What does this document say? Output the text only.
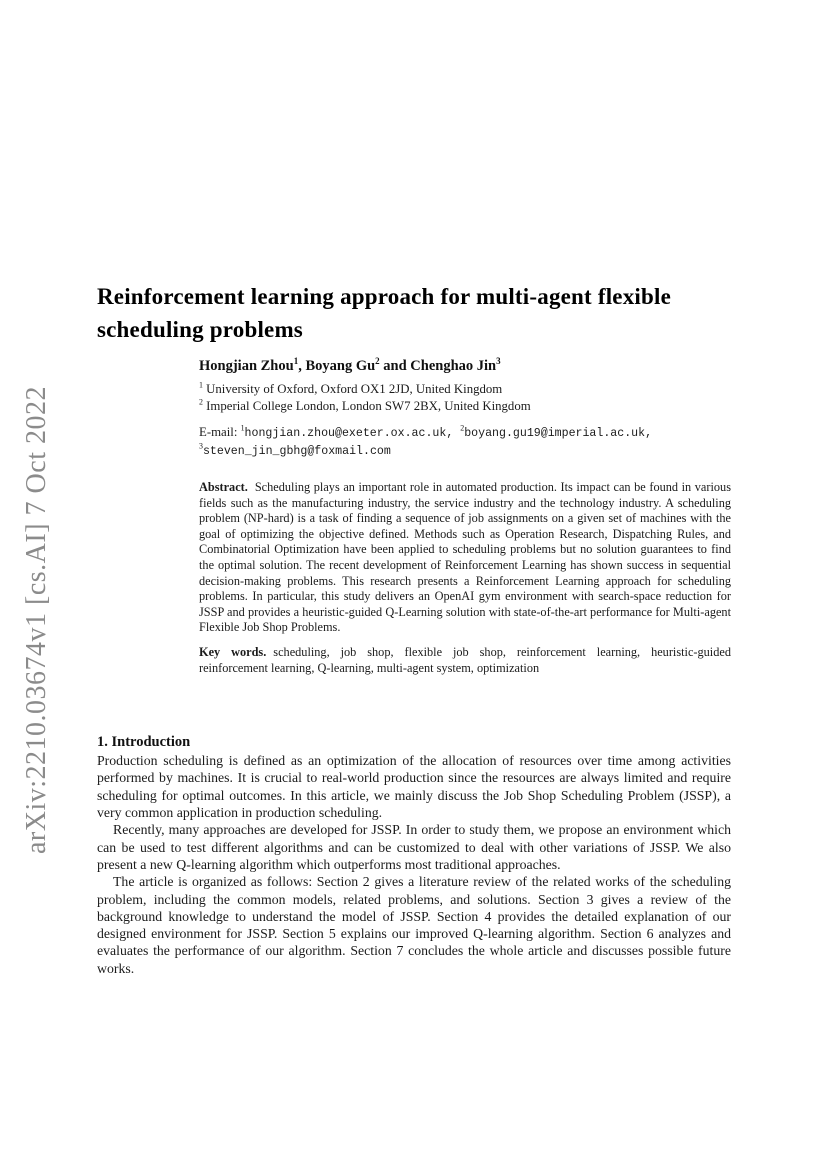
arXiv:2210.03674v1 [cs.AI] 7 Oct 2022
Reinforcement learning approach for multi-agent flexible scheduling problems

Hongjian Zhou$^1$, Boyang Gu$^2$ and Chenghao Jin$^3$

$^1$ University of Oxford, Oxford OX1 2JD, United Kingdom

$^2$ Imperial College London, London SW7 2BX, United Kingdom

E-mail: $^1$hongjian.zhou@exeter.ox.ac.uk, $^2$boyang.gu19@imperial.ac.uk,
$^3$steven_jin_gbhg@foxmail.com

Abstract. Scheduling plays an important role in automated production. Its impact can be found in various fields such as the manufacturing industry, the service industry and the technology industry. A scheduling problem (NP-hard) is a task of finding a sequence of job assignments on a given set of machines with the goal of optimizing the objective defined. Methods such as Operation Research, Dispatching Rules, and Combinatorial Optimization have been applied to scheduling problems but no solution guarantees to find the optimal solution. The recent development of Reinforcement Learning has shown success in sequential decision-making problems. This research presents a Reinforcement Learning approach for scheduling problems. In particular, this study delivers an OpenAI gym environment with search-space reduction for JSSP and provides a heuristic-guided Q-Learning solution with state-of-the-art performance for Multi-agent Flexible Job Shop Problems.

Key words. scheduling, job shop, flexible job shop, reinforcement learning, heuristic-guided reinforcement learning, Q-learning, multi-agent system, optimization

1. Introduction

Production scheduling is defined as an optimization of the allocation of resources over time among activities performed by machines. It is crucial to real-world production since the resources are always limited and require scheduling for optimal outcomes. In this article, we mainly discuss the Job Shop Scheduling Problem (JSSP), a very common application in production scheduling.

Recently, many approaches are developed for JSSP. In order to study them, we propose an environment which can be used to test different algorithms and can be customized to deal with other variations of JSSP. We also present a new Q-learning algorithm which outperforms most traditional approaches.

The article is organized as follows: Section 2 gives a literature review of the related works of the scheduling problem, including the common models, related problems, and solutions. Section 3 gives a review of the background knowledge to understand the model of JSSP. Section 4 provides the detailed explanation of our designed environment for JSSP. Section 5 explains our improved Q-learning algorithm. Section 6 analyzes and evaluates the performance of our algorithm. Section 7 concludes the whole article and discusses possible future works.
